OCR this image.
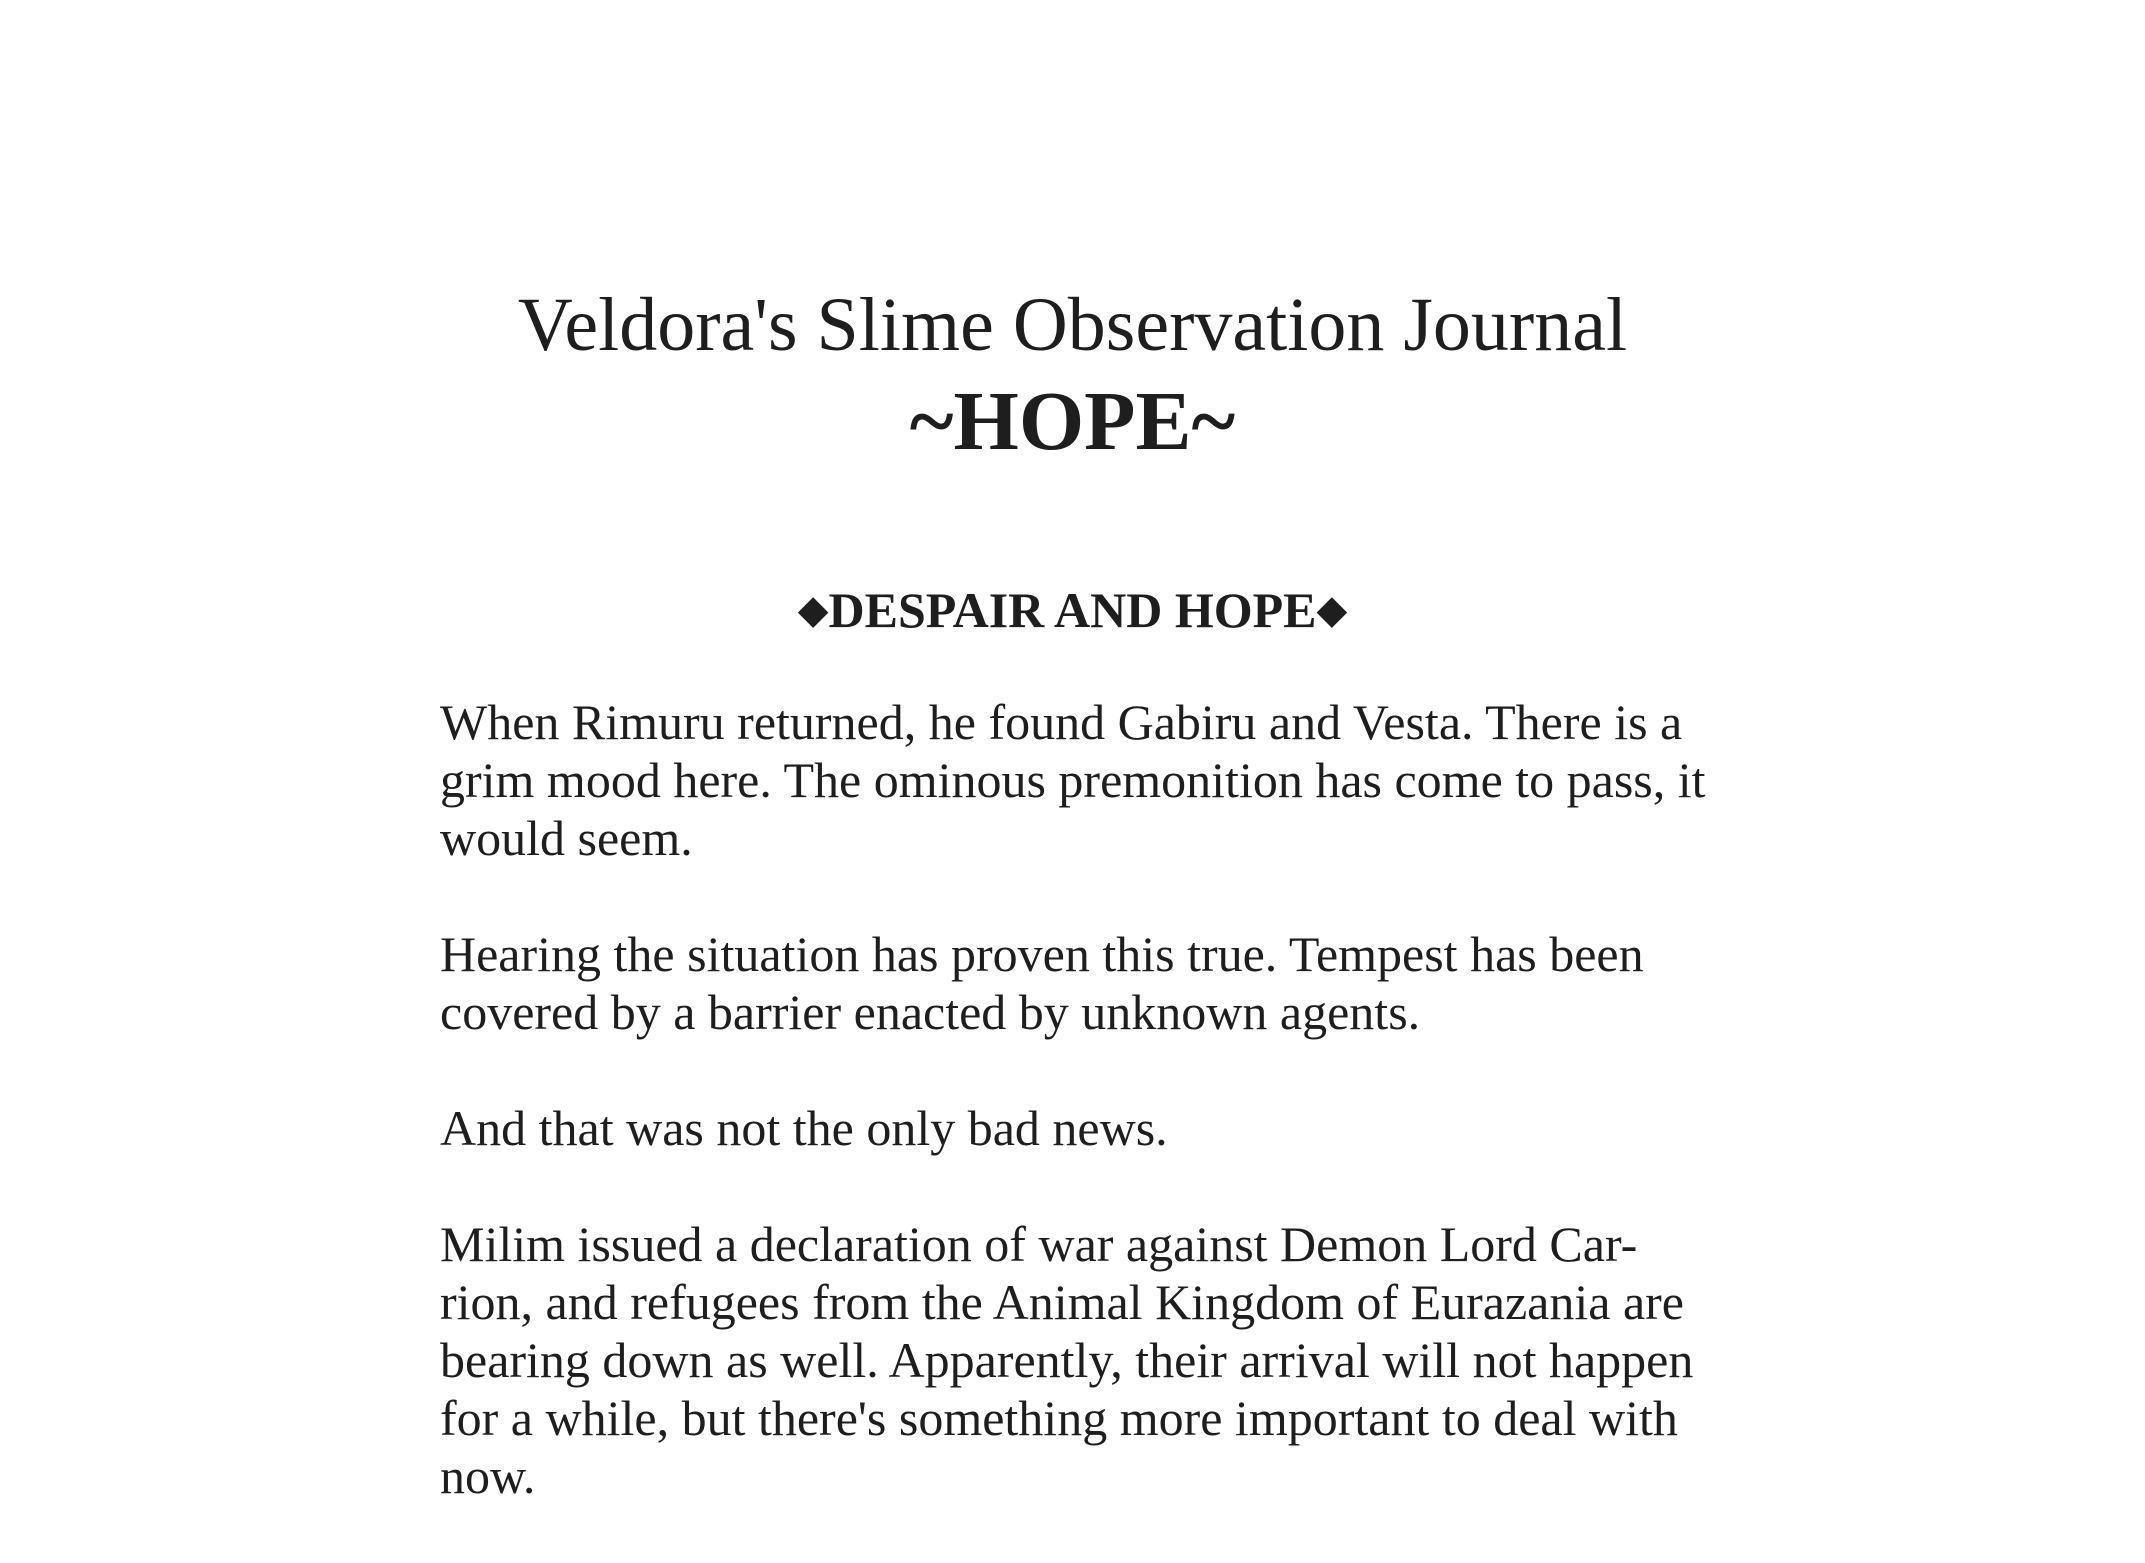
Veldora's Slime Observation Journal
~HOPE~
◆DESPAIR AND HOPE◆

When Rimuru returned, he found Gabiru and Vesta. There is a grim mood here. The ominous premonition has come to pass, it would seem.

Hearing the situation has proven this true. Tempest has been covered by a barrier enacted by unknown agents.

And that was not the only bad news.

Milim issued a declaration of war against Demon Lord Car-rion, and refugees from the Animal Kingdom of Eurazania are bearing down as well. Apparently, their arrival will not happen for a while, but there's something more important to deal with now.
